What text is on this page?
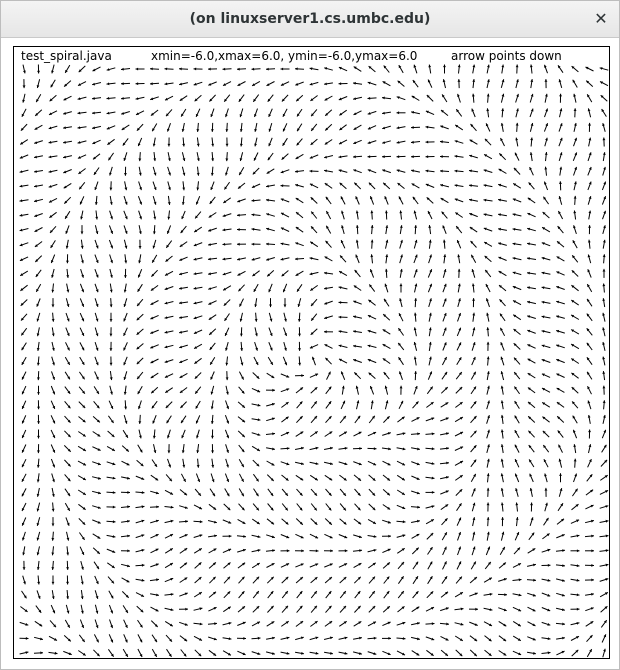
(on linuxserver1.cs.umbc.edu)	✕
test_spiral.java	xmin=-6.0,xmax=6.0, ymin=-6.0,ymax=6.0	arrow points down
